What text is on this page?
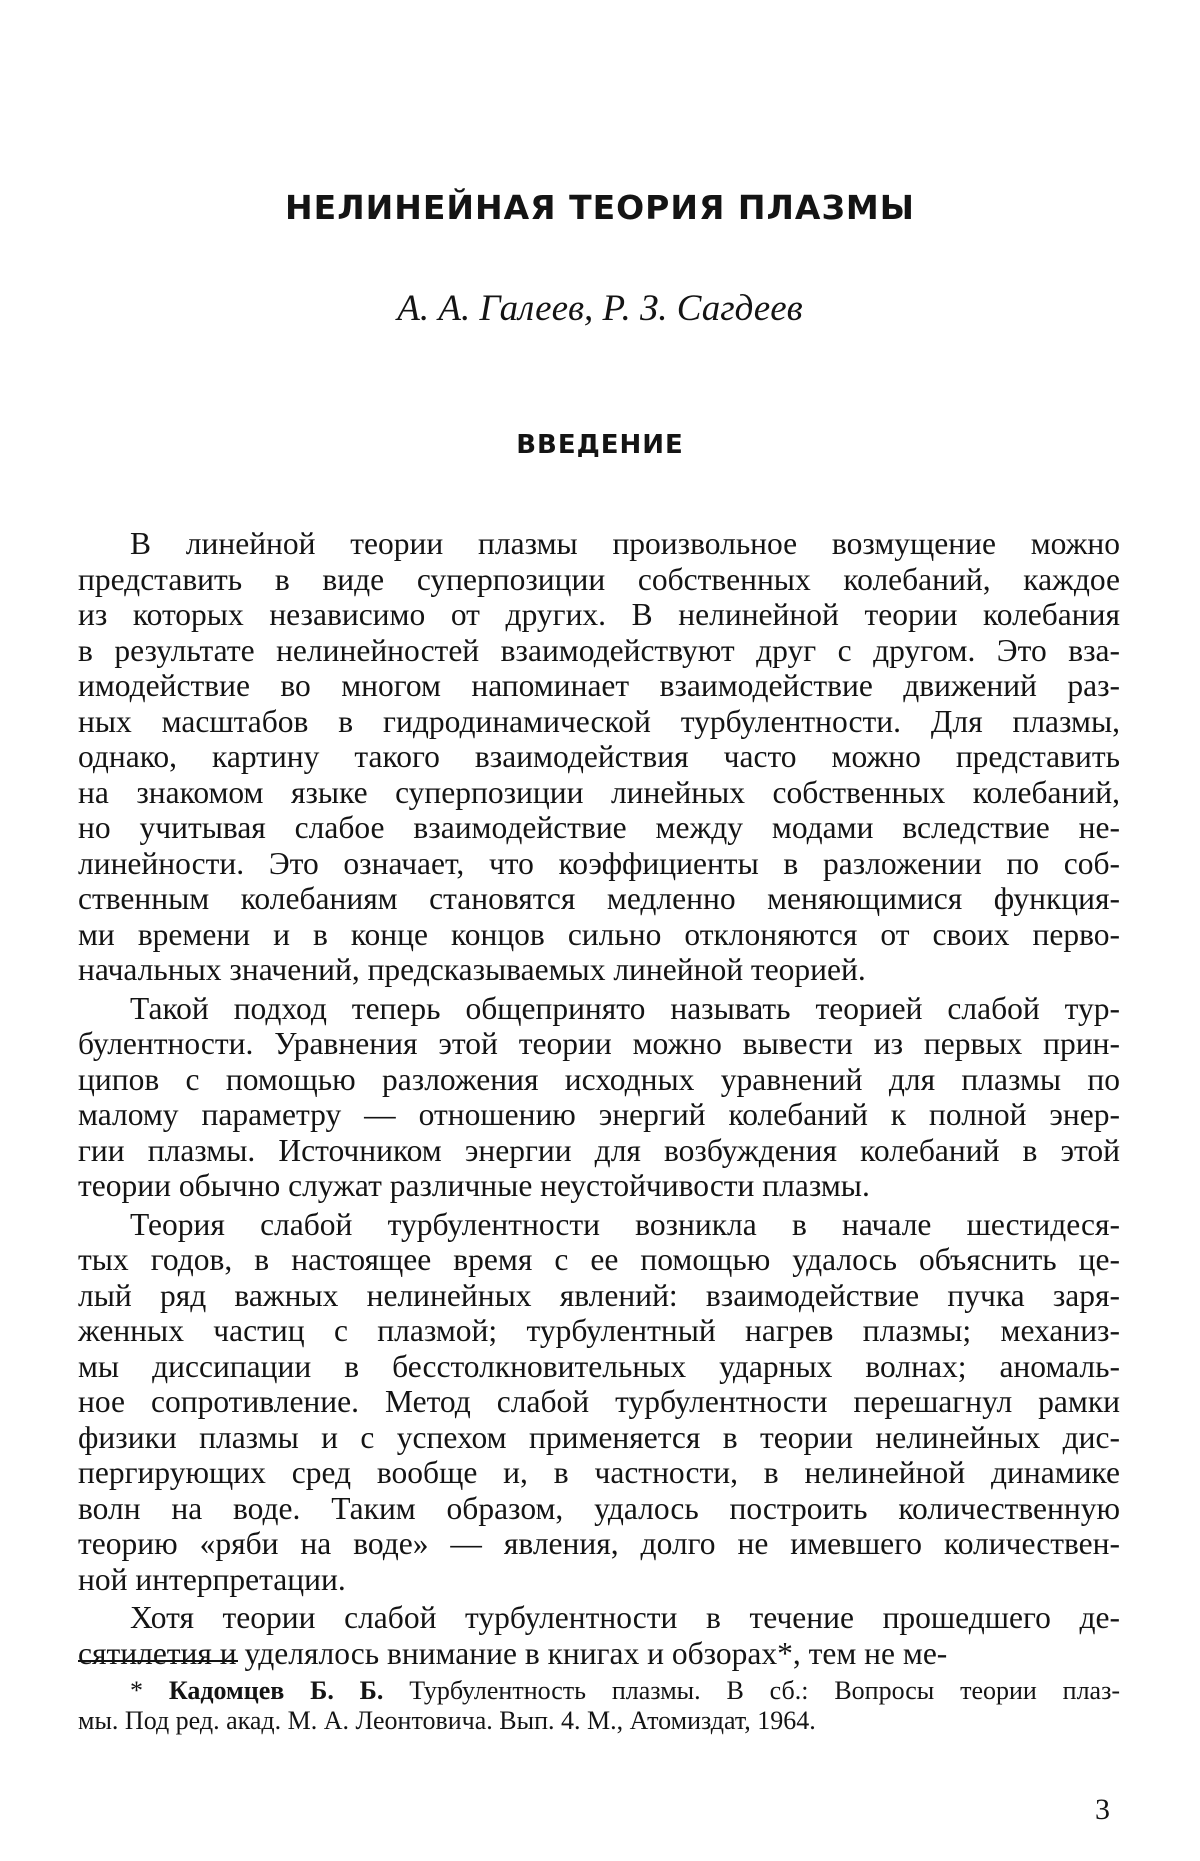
НЕЛИНЕЙНАЯ ТЕОРИЯ ПЛАЗМЫ
А. А. Галеев, Р. З. Сагдеев
ВВЕДЕНИЕ
В линейной теории плазмы произвольное возмущение можно
представить в виде суперпозиции собственных колебаний, каждое
из которых независимо от других. В нелинейной теории колебания
в результате нелинейностей взаимодействуют друг с другом. Это вза-
имодействие во многом напоминает взаимодействие движений раз-
ных масштабов в гидродинамической турбулентности. Для плазмы,
однако, картину такого взаимодействия часто можно представить
на знакомом языке суперпозиции линейных собственных колебаний,
но учитывая слабое взаимодействие между модами вследствие не-
линейности. Это означает, что коэффициенты в разложении по соб-
ственным колебаниям становятся медленно меняющимися функция-
ми времени и в конце концов сильно отклоняются от своих перво-
начальных значений, предсказываемых линейной теорией.
Такой подход теперь общепринято называть теорией слабой тур-
булентности. Уравнения этой теории можно вывести из первых прин-
ципов с помощью разложения исходных уравнений для плазмы по
малому параметру — отношению энергий колебаний к полной энер-
гии плазмы. Источником энергии для возбуждения колебаний в этой
теории обычно служат различные неустойчивости плазмы.
Теория слабой турбулентности возникла в начале шестидеся-
тых годов, в настоящее время с ее помощью удалось объяснить це-
лый ряд важных нелинейных явлений: взаимодействие пучка заря-
женных частиц с плазмой; турбулентный нагрев плазмы; механиз-
мы диссипации в бесстолкновительных ударных волнах; аномаль-
ное сопротивление. Метод слабой турбулентности перешагнул рамки
физики плазмы и с успехом применяется в теории нелинейных дис-
пергирующих сред вообще и, в частности, в нелинейной динамике
волн на воде. Таким образом, удалось построить количественную
теорию «ряби на воде» — явления, долго не имевшего количествен-
ной интерпретации.
Хотя теории слабой турбулентности в течение прошедшего де-
сятилетия и уделялось внимание в книгах и обзорах*, тем не ме-
3
* Кадомцев Б. Б. Турбулентность плазмы. В сб.: Вопросы теории плаз-
мы. Под ред. акад. М. А. Леонтовича. Вып. 4. М., Атомиздат, 1964.
